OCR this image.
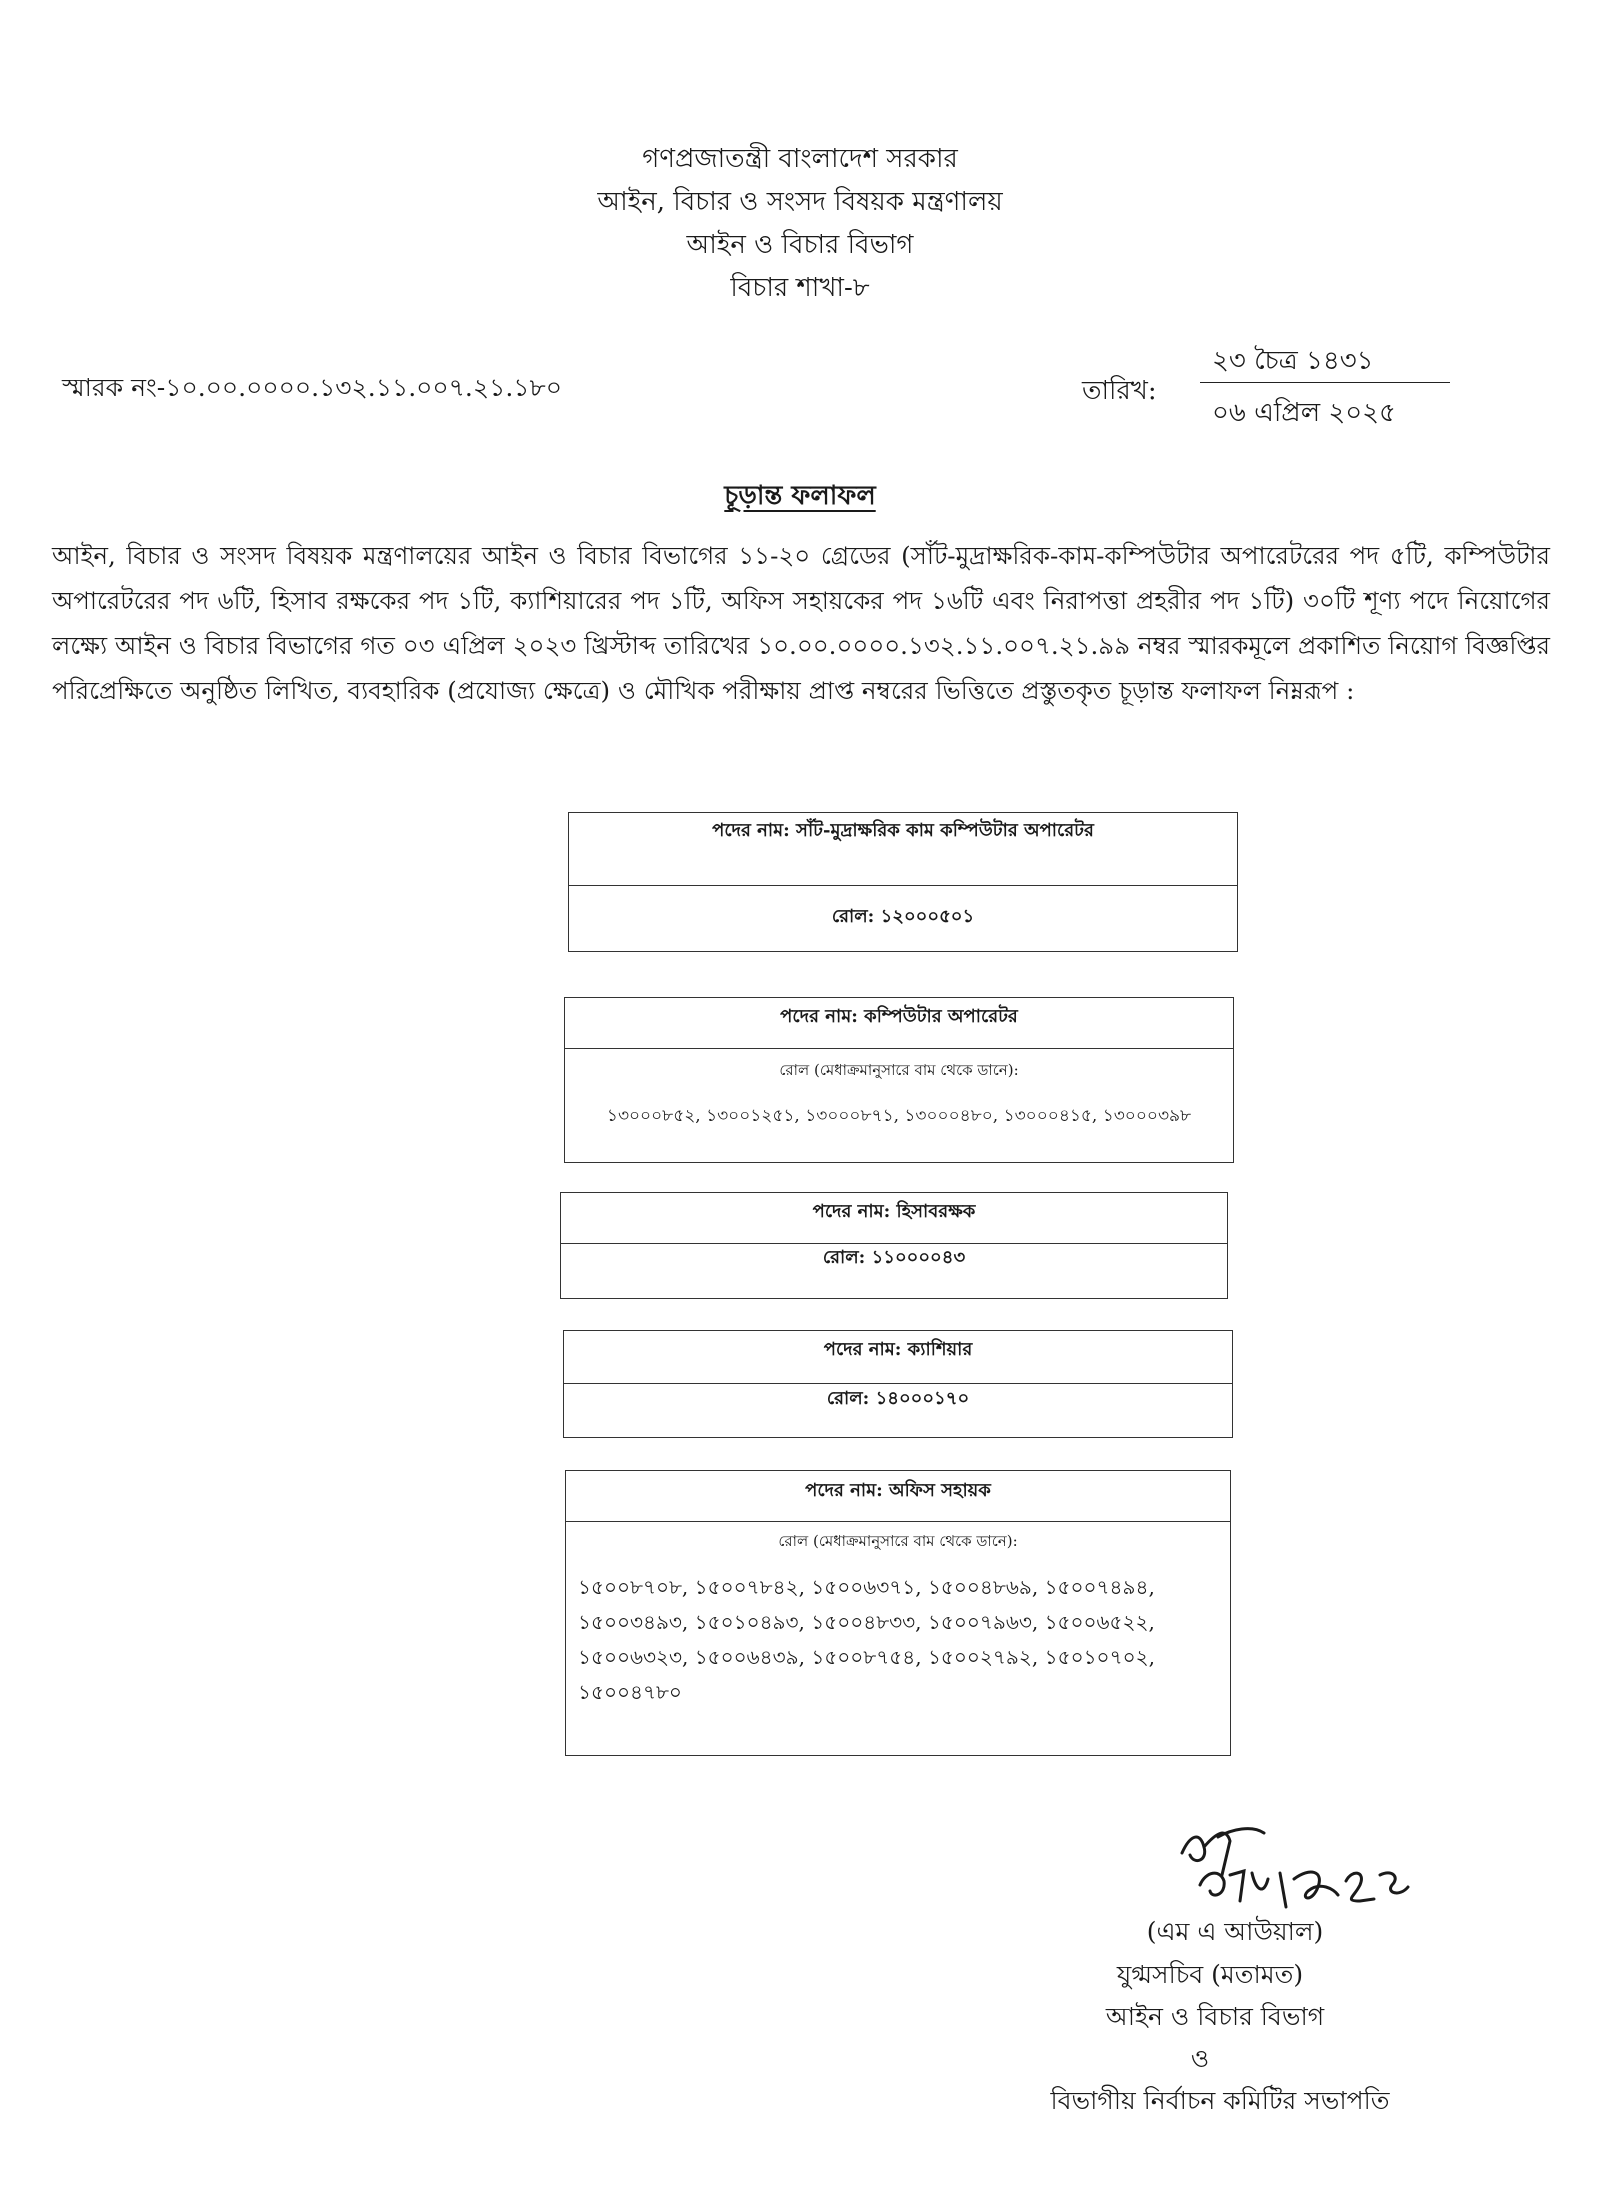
গণপ্রজাতন্ত্রী বাংলাদেশ সরকার
আইন, বিচার ও সংসদ বিষয়ক মন্ত্রণালয়
আইন ও বিচার বিভাগ
বিচার শাখা-৮
স্মারক নং-১০.০০.০০০০.১৩২.১১.০০৭.২১.১৮০	তারিখ:
২৩ চৈত্র ১৪৩১
০৬ এপ্রিল ২০২৫
চূড়ান্ত ফলাফল
আইন, বিচার ও সংসদ বিষয়ক মন্ত্রণালয়ের আইন ও বিচার বিভাগের ১১-২০ গ্রেডের (সাঁট-মুদ্রাক্ষরিক-কাম-কম্পিউটার অপারেটরের পদ ৫টি, কম্পিউটার অপারেটরের পদ ৬টি, হিসাব রক্ষকের পদ ১টি, ক্যাশিয়ারের পদ ১টি, অফিস সহায়কের পদ ১৬টি এবং নিরাপত্তা প্রহরীর পদ ১টি) ৩০টি শূণ্য পদে নিয়োগের লক্ষ্যে আইন ও বিচার বিভাগের গত ০৩ এপ্রিল ২০২৩ খ্রিস্টাব্দ তারিখের ১০.০০.০০০০.১৩২.১১.০০৭.২১.৯৯ নম্বর স্মারকমূলে প্রকাশিত নিয়োগ বিজ্ঞপ্তির পরিপ্রেক্ষিতে অনুষ্ঠিত লিখিত, ব্যবহারিক (প্রযোজ্য ক্ষেত্রে) ও মৌখিক পরীক্ষায় প্রাপ্ত নম্বরের ভিত্তিতে প্রস্তুতকৃত চূড়ান্ত ফলাফল নিম্নরূপ :
পদের নাম: সাঁট-মুদ্রাক্ষরিক কাম কম্পিউটার অপারেটর
রোল: ১২০০০৫০১
পদের নাম: কম্পিউটার অপারেটর
রোল (মেধাক্রমানুসারে বাম থেকে ডানে):
১৩০০০৮৫২, ১৩০০১২৫১, ১৩০০০৮৭১, ১৩০০০৪৮০, ১৩০০০৪১৫, ১৩০০০৩৯৮
পদের নাম: হিসাবরক্ষক
রোল: ১১০০০০৪৩
পদের নাম: ক্যাশিয়ার
রোল: ১৪০০০১৭০
পদের নাম: অফিস সহায়ক
রোল (মেধাক্রমানুসারে বাম থেকে ডানে):
১৫০০৮৭০৮, ১৫০০৭৮৪২, ১৫০০৬৩৭১, ১৫০০৪৮৬৯, ১৫০০৭৪৯৪,
১৫০০৩৪৯৩, ১৫০১০৪৯৩, ১৫০০৪৮৩৩, ১৫০০৭৯৬৩, ১৫০০৬৫২২,
১৫০০৬৩২৩, ১৫০০৬৪৩৯, ১৫০০৮৭৫৪, ১৫০০২৭৯২, ১৫০১০৭০২,
১৫০০৪৭৮০
(এম এ আউয়াল)
যুগ্মসচিব (মতামত)
আইন ও বিচার বিভাগ
ও
বিভাগীয় নির্বাচন কমিটির সভাপতি
